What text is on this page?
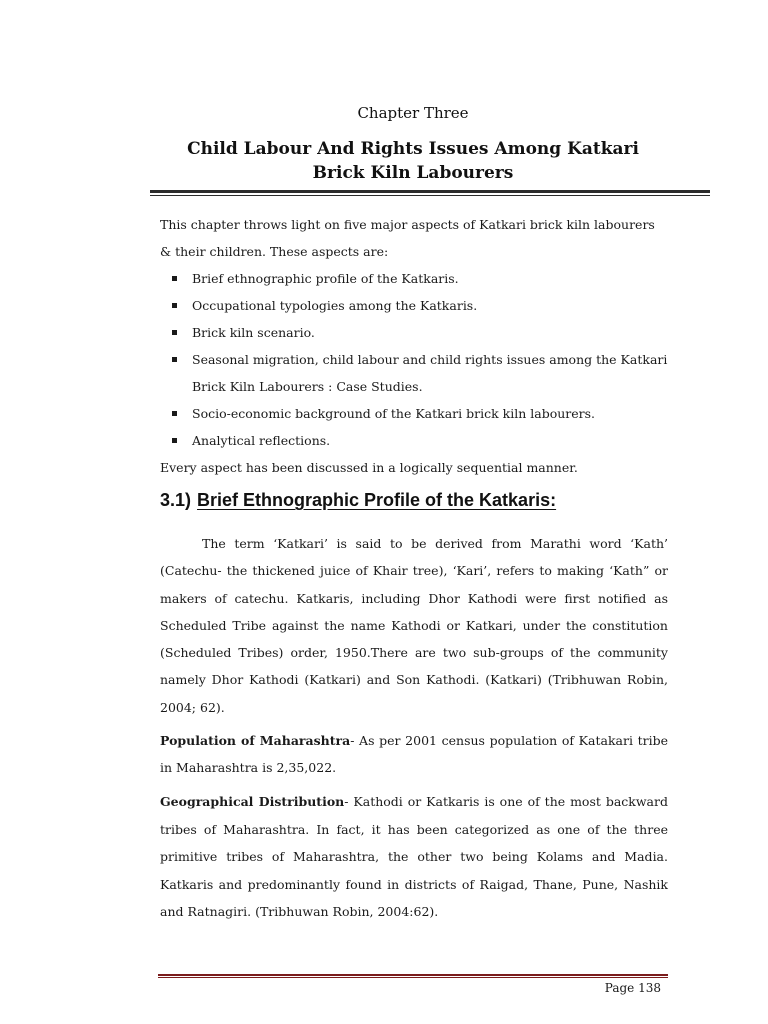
Chapter Three
Child Labour And Rights Issues Among Katkari
Brick Kiln Labourers

This chapter throws light on five major aspects of Katkari brick kiln labourers & their children. These aspects are:

Brief ethnographic profile of the Katkaris.
Occupational typologies among the Katkaris.
Brick kiln scenario.
Seasonal migration, child labour and child rights issues among the Katkari Brick Kiln Labourers : Case Studies.
Socio-economic background of the Katkari brick kiln labourers.
Analytical reflections.

Every aspect has been discussed in a logically sequential manner.

3.1) Brief Ethnographic Profile of the Katkaris:
The term ‘Katkari’ is said to be derived from Marathi word ‘Kath’ (Catechu- the thickened juice of Khair tree), ‘Kari’, refers to making ‘Kath” or makers of catechu. Katkaris, including Dhor Kathodi were first notified as Scheduled Tribe against the name Kathodi or Katkari, under the constitution (Scheduled Tribes) order, 1950.There are two sub-groups of the community namely Dhor Kathodi (Katkari) and Son Kathodi. (Katkari) (Tribhuwan Robin, 2004; 62).
Population of Maharashtra- As per 2001 census population of Katakari tribe in Maharashtra is 2,35,022.
Geographical Distribution- Kathodi or Katkaris is one of the most backward tribes of Maharashtra. In fact, it has been categorized as one of the three primitive tribes of Maharashtra, the other two being Kolams and Madia. Katkaris and predominantly found in districts of Raigad, Thane, Pune, Nashik and Ratnagiri. (Tribhuwan Robin, 2004:62).
Page 138
